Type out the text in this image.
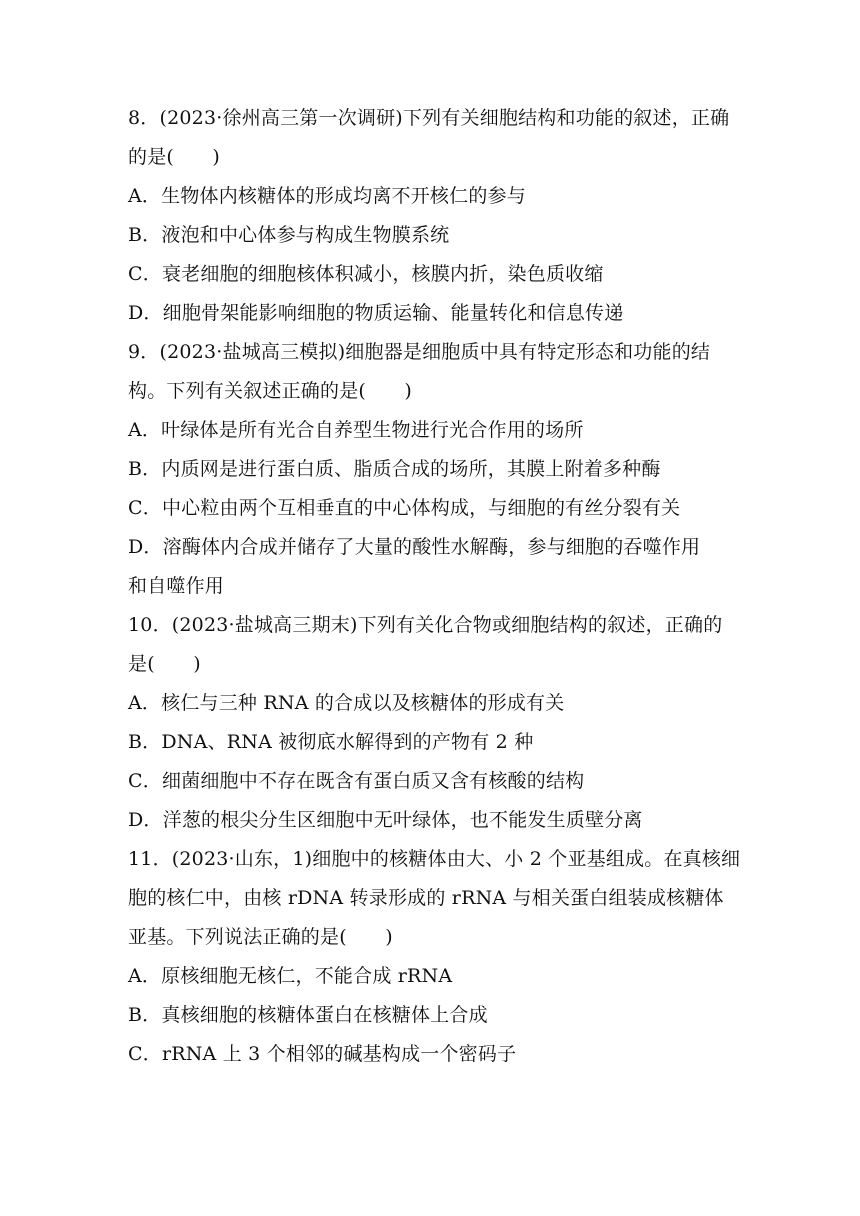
8．(2023·徐州高三第一次调研)下列有关细胞结构和功能的叙述，正确
的是(　　)
A．生物体内核糖体的形成均离不开核仁的参与
B．液泡和中心体参与构成生物膜系统
C．衰老细胞的细胞核体积减小，核膜内折，染色质收缩
D．细胞骨架能影响细胞的物质运输、能量转化和信息传递
9．(2023·盐城高三模拟)细胞器是细胞质中具有特定形态和功能的结
构。下列有关叙述正确的是(　　)
A．叶绿体是所有光合自养型生物进行光合作用的场所
B．内质网是进行蛋白质、脂质合成的场所，其膜上附着多种酶
C．中心粒由两个互相垂直的中心体构成，与细胞的有丝分裂有关
D．溶酶体内合成并储存了大量的酸性水解酶，参与细胞的吞噬作用
和自噬作用
10．(2023·盐城高三期末)下列有关化合物或细胞结构的叙述，正确的
是(　　)
A．核仁与三种 RNA 的合成以及核糖体的形成有关
B．DNA、RNA 被彻底水解得到的产物有 2 种
C．细菌细胞中不存在既含有蛋白质又含有核酸的结构
D．洋葱的根尖分生区细胞中无叶绿体，也不能发生质壁分离
11．(2023·山东，1)细胞中的核糖体由大、小 2 个亚基组成。在真核细
胞的核仁中，由核 rDNA 转录形成的 rRNA 与相关蛋白组装成核糖体
亚基。下列说法正确的是(　　)
A．原核细胞无核仁，不能合成 rRNA
B．真核细胞的核糖体蛋白在核糖体上合成
C．rRNA 上 3 个相邻的碱基构成一个密码子
